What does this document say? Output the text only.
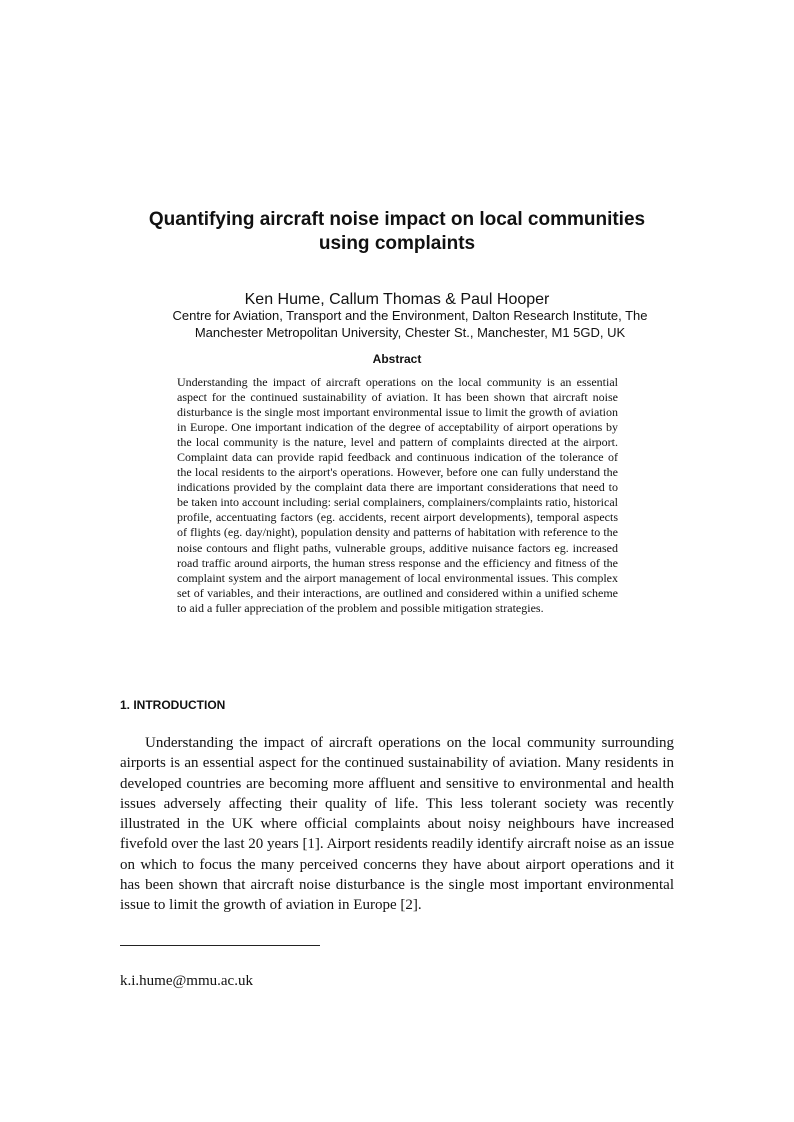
Quantifying aircraft noise impact on local communities
using complaints
Ken Hume, Callum Thomas & Paul Hooper
Centre for Aviation, Transport and the Environment, Dalton Research Institute, The
Manchester Metropolitan University, Chester St., Manchester, M1 5GD, UK
Abstract

Understanding the impact of aircraft operations on the local community is an essential aspect for the continued sustainability of aviation. It has been shown that aircraft noise disturbance is the single most important environmental issue to limit the growth of aviation in Europe. One important indication of the degree of acceptability of airport operations by the local community is the nature, level and pattern of complaints directed at the airport. Complaint data can provide rapid feedback and continuous indication of the tolerance of the local residents to the airport's operations. However, before one can fully understand the indications provided by the complaint data there are important considerations that need to be taken into account including: serial complainers, complainers/complaints ratio, historical profile, accentuating factors (eg. accidents, recent airport developments), temporal aspects of flights (eg. day/night), population density and patterns of habitation with reference to the noise contours and flight paths, vulnerable groups, additive nuisance factors eg. increased road traffic around airports, the human stress response and the efficiency and fitness of the complaint system and the airport management of local environmental issues. This complex set of variables, and their interactions, are outlined and considered within a unified scheme to aid a fuller appreciation of the problem and possible mitigation strategies.

1. INTRODUCTION

Understanding the impact of aircraft operations on the local community surrounding airports is an essential aspect for the continued sustainability of aviation. Many residents in developed countries are becoming more affluent and sensitive to environmental and health issues adversely affecting their quality of life. This less tolerant society was recently illustrated in the UK where official complaints about noisy neighbours have increased fivefold over the last 20 years [1]. Airport residents readily identify aircraft noise as an issue on which to focus the many perceived concerns they have about airport operations and it has been shown that aircraft noise disturbance is the single most important environmental issue to limit the growth of aviation in Europe [2].

k.i.hume@mmu.ac.uk
